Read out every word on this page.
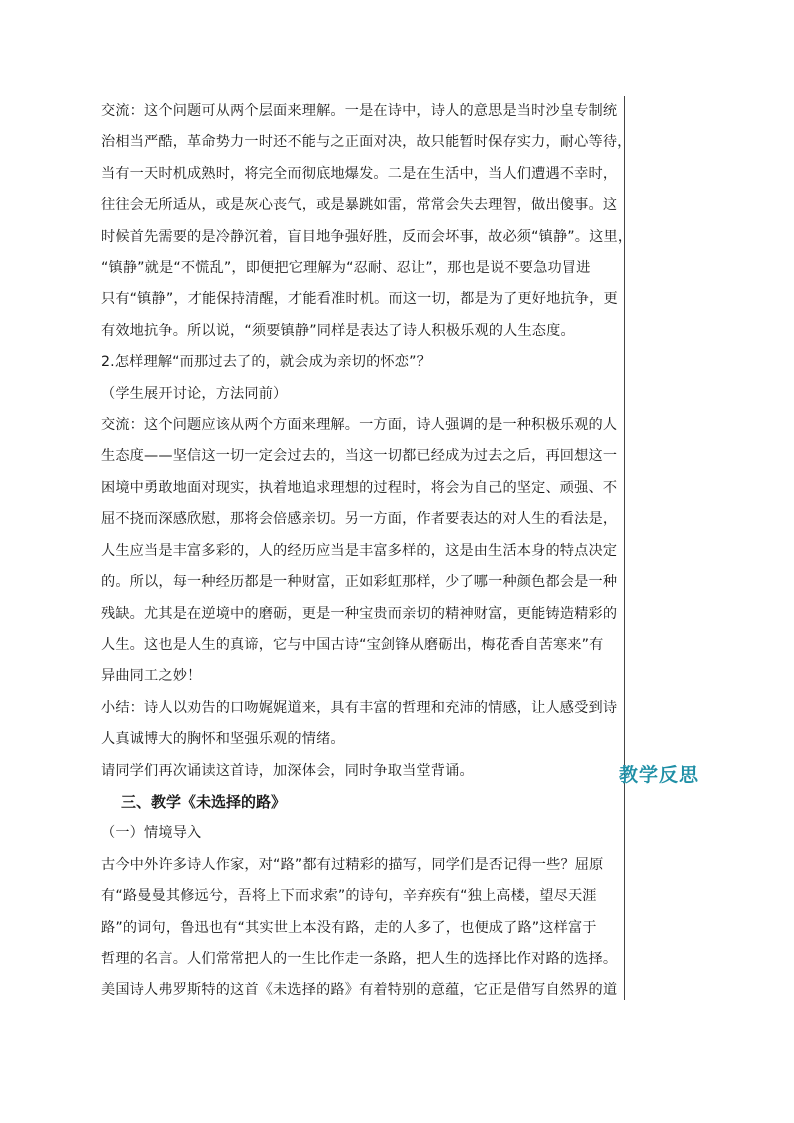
交流：这个问题可从两个层面来理解。一是在诗中，诗人的意思是当时沙皇专制统
治相当严酷，革命势力一时还不能与之正面对决，故只能暂时保存实力，耐心等待，
当有一天时机成熟时，将完全而彻底地爆发。二是在生活中，当人们遭遇不幸时，
往往会无所适从，或是灰心丧气，或是暴跳如雷，常常会失去理智，做出傻事。这
时候首先需要的是冷静沉着，盲目地争强好胜，反而会坏事，故必须“镇静”。这里，
“镇静”就是“不慌乱”，即便把它理解为“忍耐、忍让”，那也是说不要急功冒进
只有“镇静”，才能保持清醒，才能看准时机。而这一切，都是为了更好地抗争，更
有效地抗争。所以说，“须要镇静”同样是表达了诗人积极乐观的人生态度。
2.怎样理解“而那过去了的，就会成为亲切的怀恋”？
（学生展开讨论，方法同前）
交流：这个问题应该从两个方面来理解。一方面，诗人强调的是一种积极乐观的人
生态度——坚信这一切一定会过去的，当这一切都已经成为过去之后，再回想这一
困境中勇敢地面对现实，执着地追求理想的过程时，将会为自己的坚定、顽强、不
屈不挠而深感欣慰，那将会倍感亲切。另一方面，作者要表达的对人生的看法是，
人生应当是丰富多彩的，人的经历应当是丰富多样的，这是由生活本身的特点决定
的。所以，每一种经历都是一种财富，正如彩虹那样，少了哪一种颜色都会是一种
残缺。尤其是在逆境中的磨砺，更是一种宝贵而亲切的精神财富，更能铸造精彩的
人生。这也是人生的真谛，它与中国古诗“宝剑锋从磨砺出，梅花香自苦寒来”有
异曲同工之妙！
小结：诗人以劝告的口吻娓娓道来，具有丰富的哲理和充沛的情感，让人感受到诗
人真诚博大的胸怀和坚强乐观的情绪。
请同学们再次诵读这首诗，加深体会，同时争取当堂背诵。
三、教学《未选择的路》
（一）情境导入
古今中外许多诗人作家，对“路”都有过精彩的描写，同学们是否记得一些？屈原
有“路曼曼其修远兮，吾将上下而求索”的诗句，辛弃疾有“独上高楼，望尽天涯
路”的词句，鲁迅也有“其实世上本没有路，走的人多了，也便成了路”这样富于
哲理的名言。人们常常把人的一生比作走一条路，把人生的选择比作对路的选择。
美国诗人弗罗斯特的这首《未选择的路》有着特别的意蕴，它正是借写自然界的道
教学反思
